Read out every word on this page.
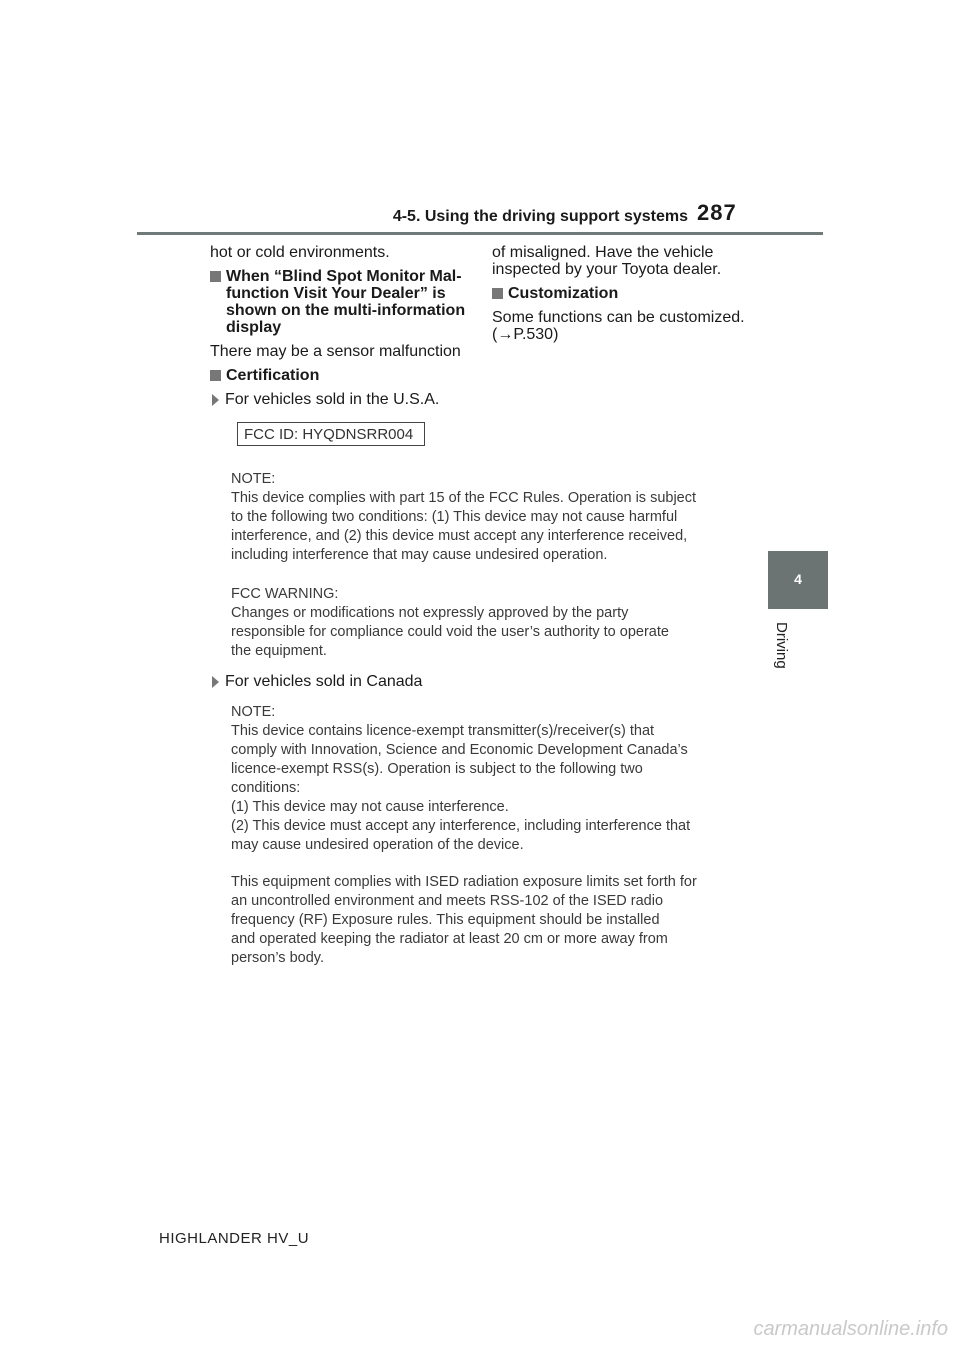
4-5. Using the driving support systems 287
4
Driving

hot or cold environments.

When “Blind Spot Monitor Mal-function Visit Your Dealer” is shown on the multi-information display

There may be a sensor malfunction

Certification
For vehicles sold in the U.S.A.

of misaligned. Have the vehicle inspected by your Toyota dealer.

Customization

Some functions can be customized. (→P.530)

FCC ID: HYQDNSRR004
NOTE:
This device complies with part 15 of the FCC Rules. Operation is subject
to the following two conditions: (1) This device may not cause harmful
interference, and (2) this device must accept any interference received,
including interference that may cause undesired operation.
FCC WARNING:
Changes or modifications not expressly approved by the party
responsible for compliance could void the user’s authority to operate
the equipment.
For vehicles sold in Canada
NOTE:
This device contains licence-exempt transmitter(s)/receiver(s) that
comply with Innovation, Science and Economic Development Canada’s
licence-exempt RSS(s). Operation is subject to the following two
conditions:
(1) This device may not cause interference.
(2) This device must accept any interference, including interference that
may cause undesired operation of the device.
This equipment complies with ISED radiation exposure limits set forth for
an uncontrolled environment and meets RSS-102 of the ISED radio
frequency (RF) Exposure rules. This equipment should be installed
and operated keeping the radiator at least 20 cm or more away from
person’s body.
HIGHLANDER HV_U
carmanualsonline.info
